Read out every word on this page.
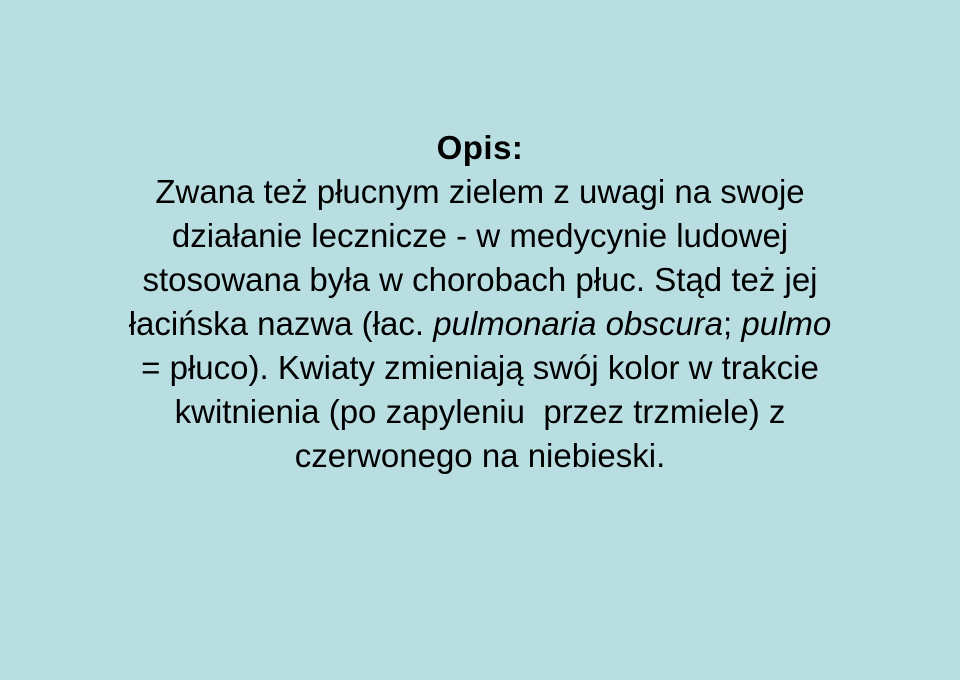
Opis:
Zwana też płucnym zielem z uwagi na swoje
działanie lecznicze - w medycynie ludowej
stosowana była w chorobach płuc. Stąd też jej
łacińska nazwa (łac. pulmonaria obscura; pulmo
= płuco). Kwiaty zmieniają swój kolor w trakcie
kwitnienia (po zapyleniu  przez trzmiele) z
czerwonego na niebieski.
